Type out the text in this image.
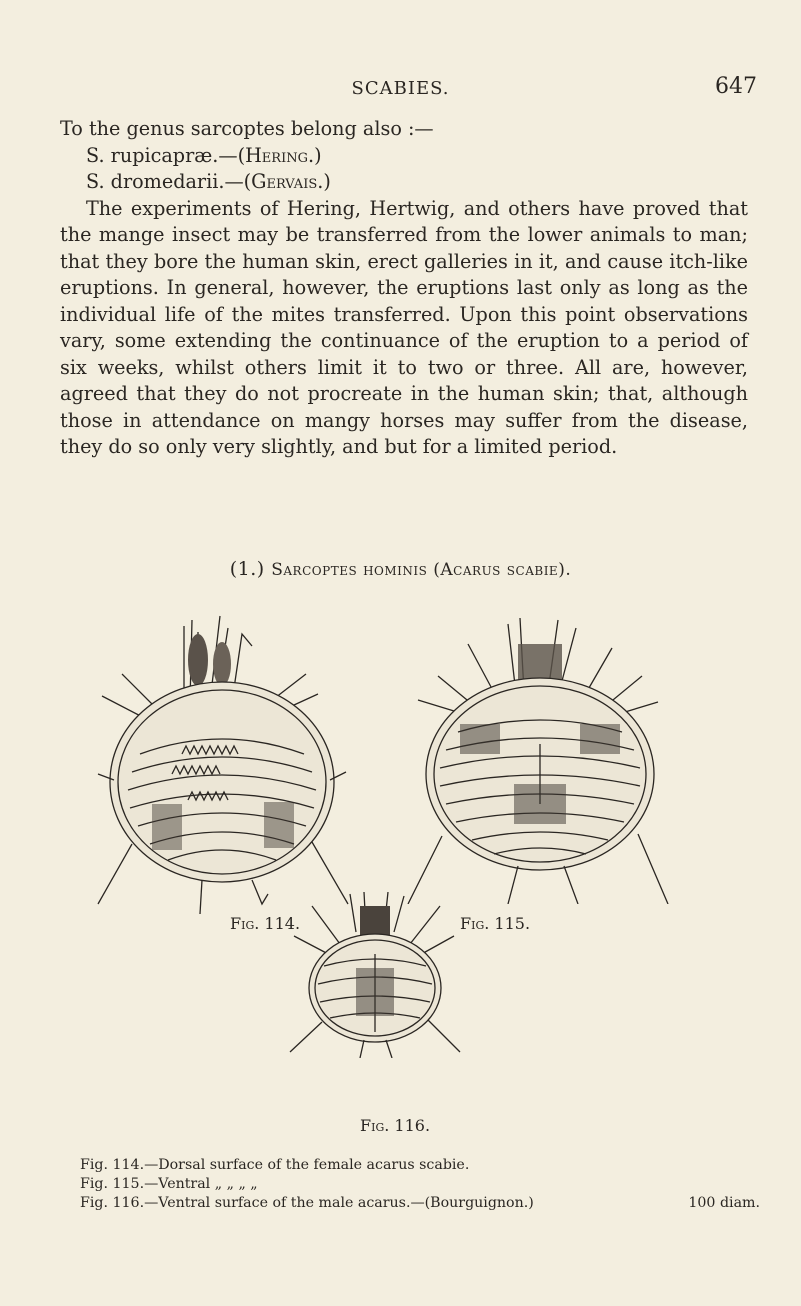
SCABIES.	647

To the genus sarcoptes belong also :—

S. rupicapræ.—(Hering.)

S. dromedarii.—(Gervais.)

The experiments of Hering, Hertwig, and others have proved that the mange insect may be transferred from the lower animals to man; that they bore the human skin, erect galleries in it, and cause itch-like eruptions. In general, however, the eruptions last only as long as the individual life of the mites transferred. Upon this point observations vary, some extending the continuance of the eruption to a period of six weeks, whilst others limit it to two or three. All are, however, agreed that they do not procreate in the human skin; that, although those in attendance on mangy horses may suffer from the disease, they do so only very slightly, and but for a limited period.

(1.) Sarcoptes hominis (Acarus scabie).
Fig. 114.	Fig. 115.
Fig. 116.
Fig. 114.—Dorsal surface of the female acarus scabie.
Fig. 115.—Ventral „ „ „ „
Fig. 116.—Ventral surface of the male acarus.—(Bourguignon.)	100 diam.
